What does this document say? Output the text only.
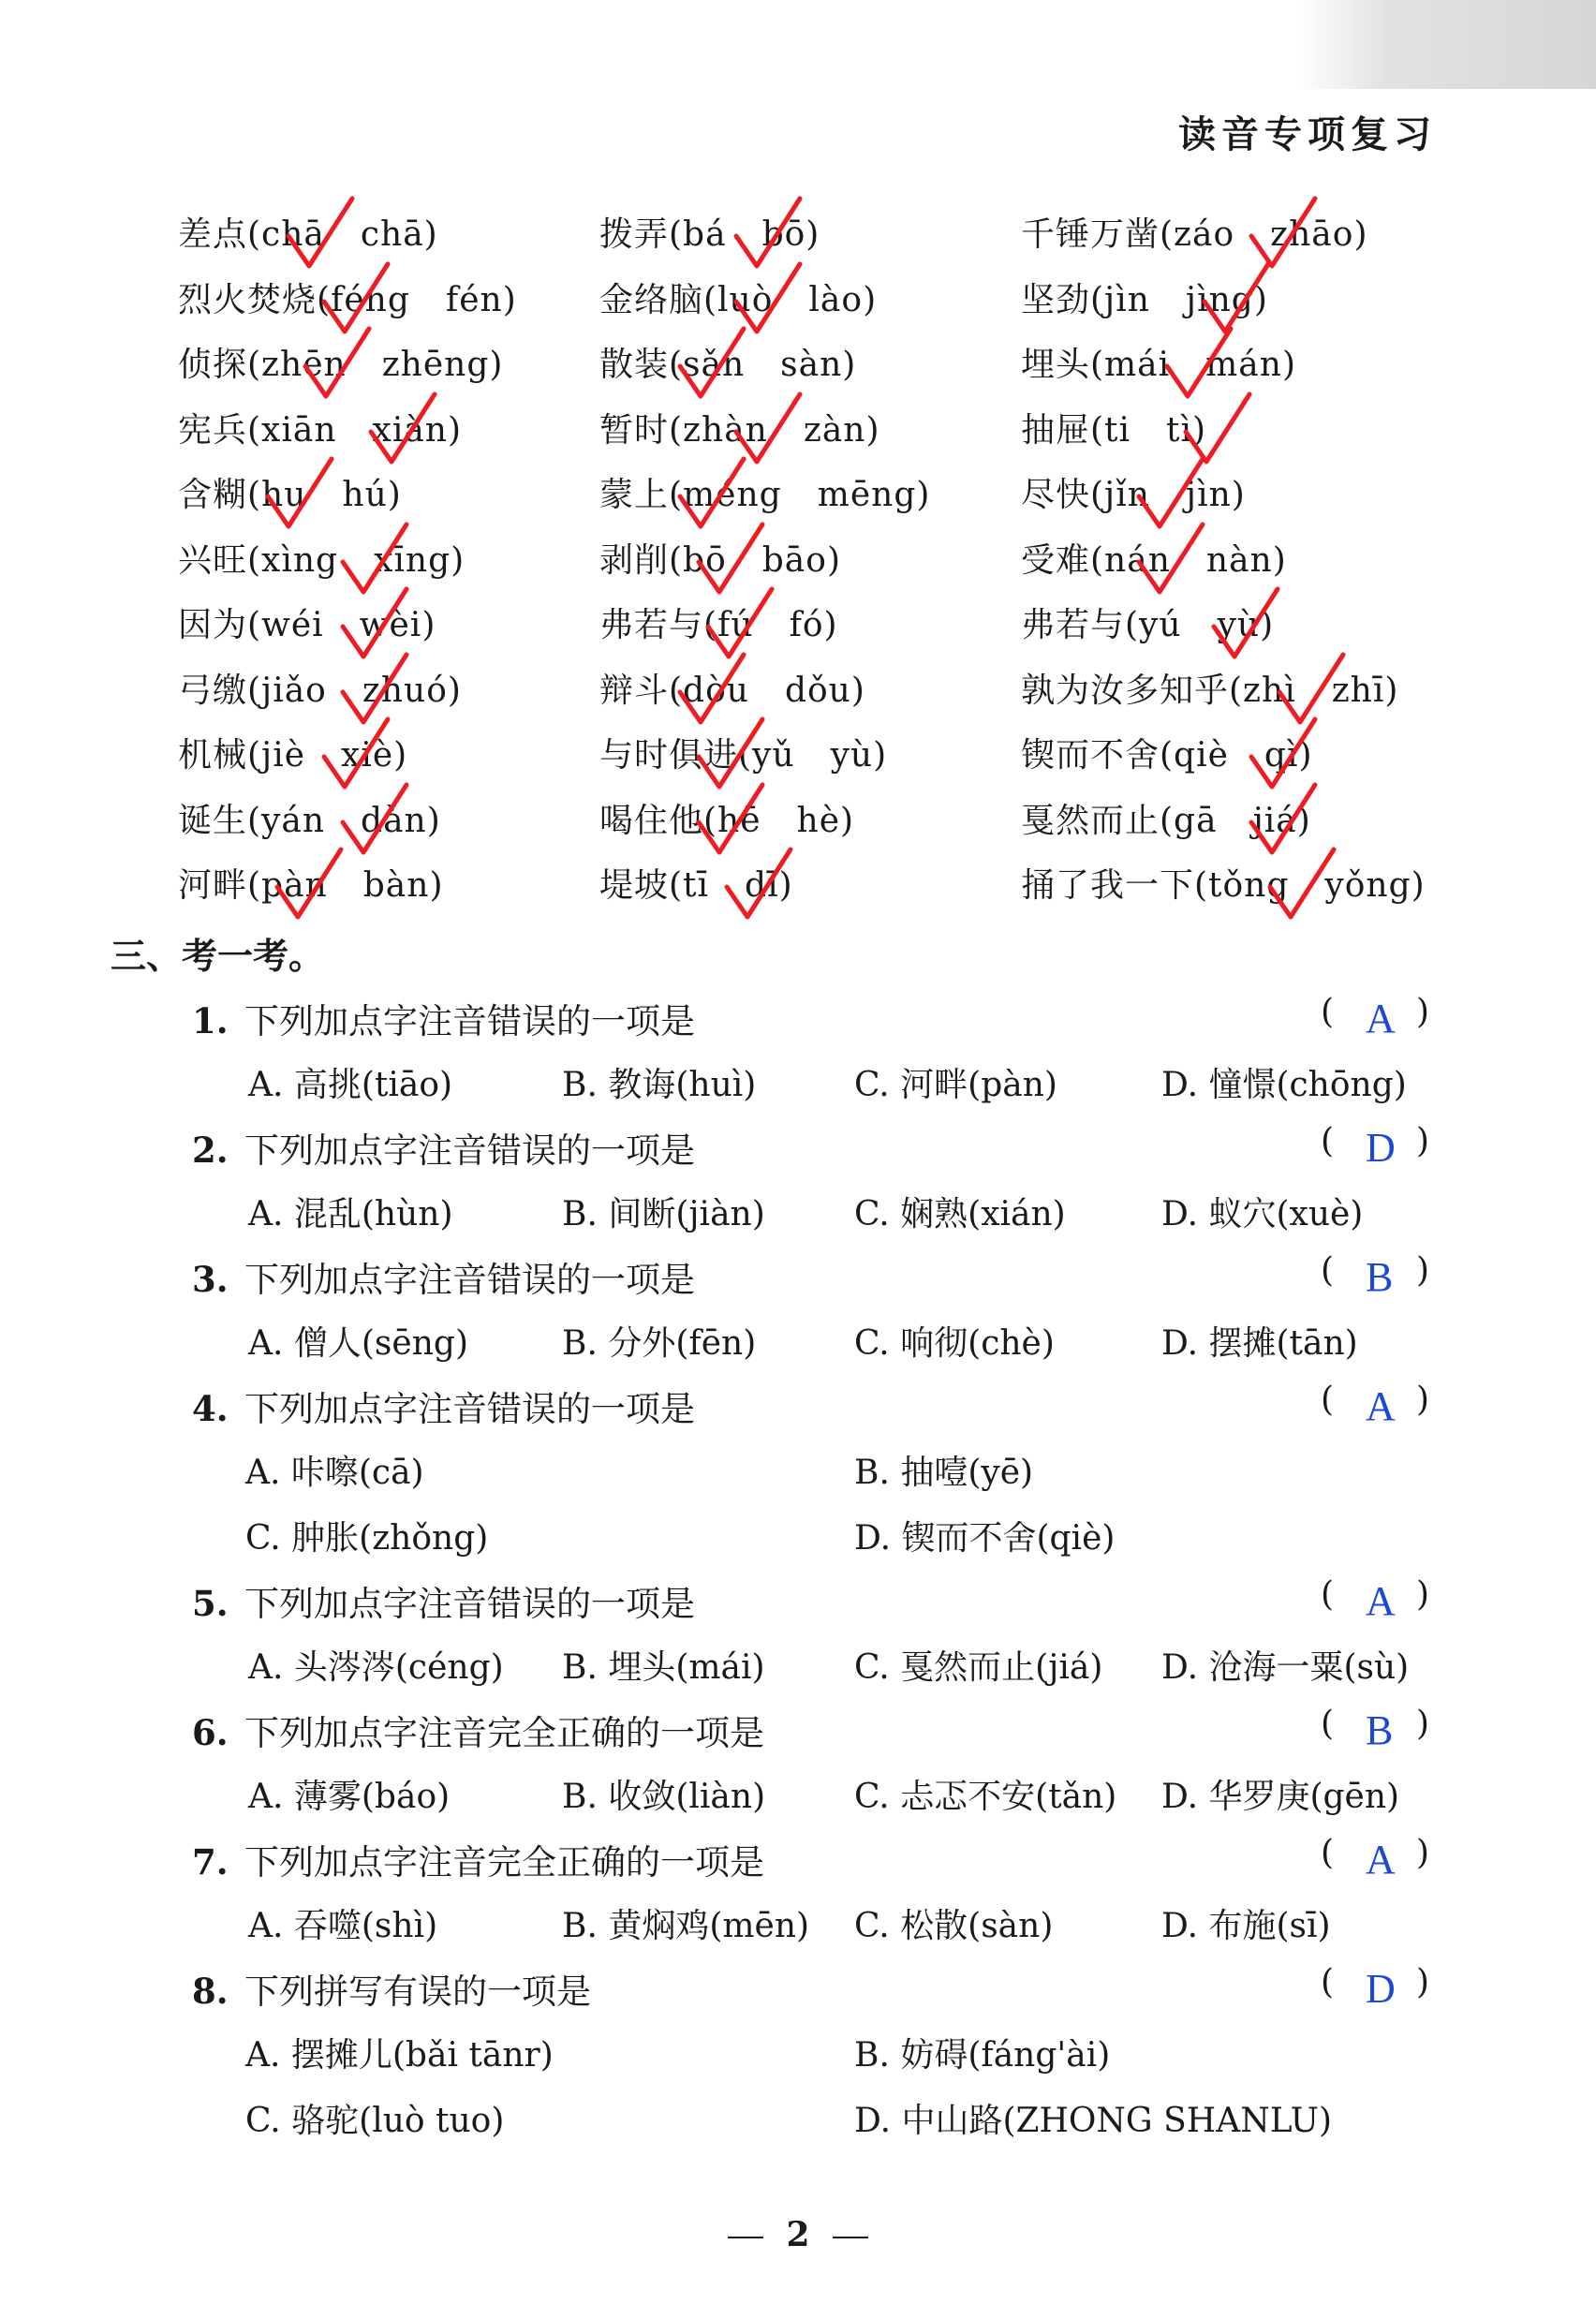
读音专项复习
差点(chā chā)	拨弄(bá bō)	千锤万凿(záo zhāo)
烈火焚烧(féng fén) 金络脑(luò lào)	坚劲(jìn jìng)
侦探(zhēn zhēng)	散装(sǎn sàn)	埋头(mái mán)
宪兵(xiān xiàn)	暂时(zhàn zàn)	抽屉(ti tì)
含糊(hu hú)	蒙上(méng mēng)	尽快(jǐn jìn)
兴旺(xìng xīng)	剥削(bō bāo)	受难(nán nàn)
因为(wéi wèi)	弗若与(fú fó)	弗若与(yú yù)
弓缴(jiǎo zhuó)	辩斗(dòu dǒu)	孰为汝多知乎(zhì zhī)
机械(jiè xiè)	与时俱进(yǔ yù)	锲而不舍(qiè qì)
诞生(yán dàn)	喝住他(hē hè)	戛然而止(gā jiá)
河畔(pàn bàn)	堤坡(tī dī)	捅了我一下(tǒng yǒng)
三、考一考。
1. 下列加点字注音错误的一项是	( A )
A. 高挑(tiāo)	B. 教诲(huì)	C. 河畔(pàn)	D. 憧憬(chōng)
2. 下列加点字注音错误的一项是	( D )
A. 混乱(hùn)	B. 间断(jiàn)	C. 娴熟(xián)	D. 蚁穴(xuè)
3. 下列加点字注音错误的一项是	( B )
A. 僧人(sēng)	B. 分外(fēn)	C. 响彻(chè)	D. 摆摊(tān)
4. 下列加点字注音错误的一项是	( A )
A. 咔嚓(cā)	B. 抽噎(yē)
C. 肿胀(zhǒng)	D. 锲而不舍(qiè)
5. 下列加点字注音错误的一项是	( A )
A. 头涔涔(céng) B. 埋头(mái)	C. 戛然而止(jiá) D. 沧海一粟(sù)
6. 下列加点字注音完全正确的一项是	( B )
A. 薄雾(báo)	B. 收敛(liàn)	C. 忐忑不安(tǎn) D. 华罗庚(gēn)
7. 下列加点字注音完全正确的一项是	( A )
A. 吞噬(shì)	B. 黄焖鸡(mēn) C. 松散(sàn)	D. 布施(sī)
8. 下列拼写有误的一项是	( D )
A. 摆摊儿(bǎi tānr)	B. 妨碍(fáng'ài)
C. 骆驼(luò tuo)	D. 中山路(ZHONG SHANLU)
2
